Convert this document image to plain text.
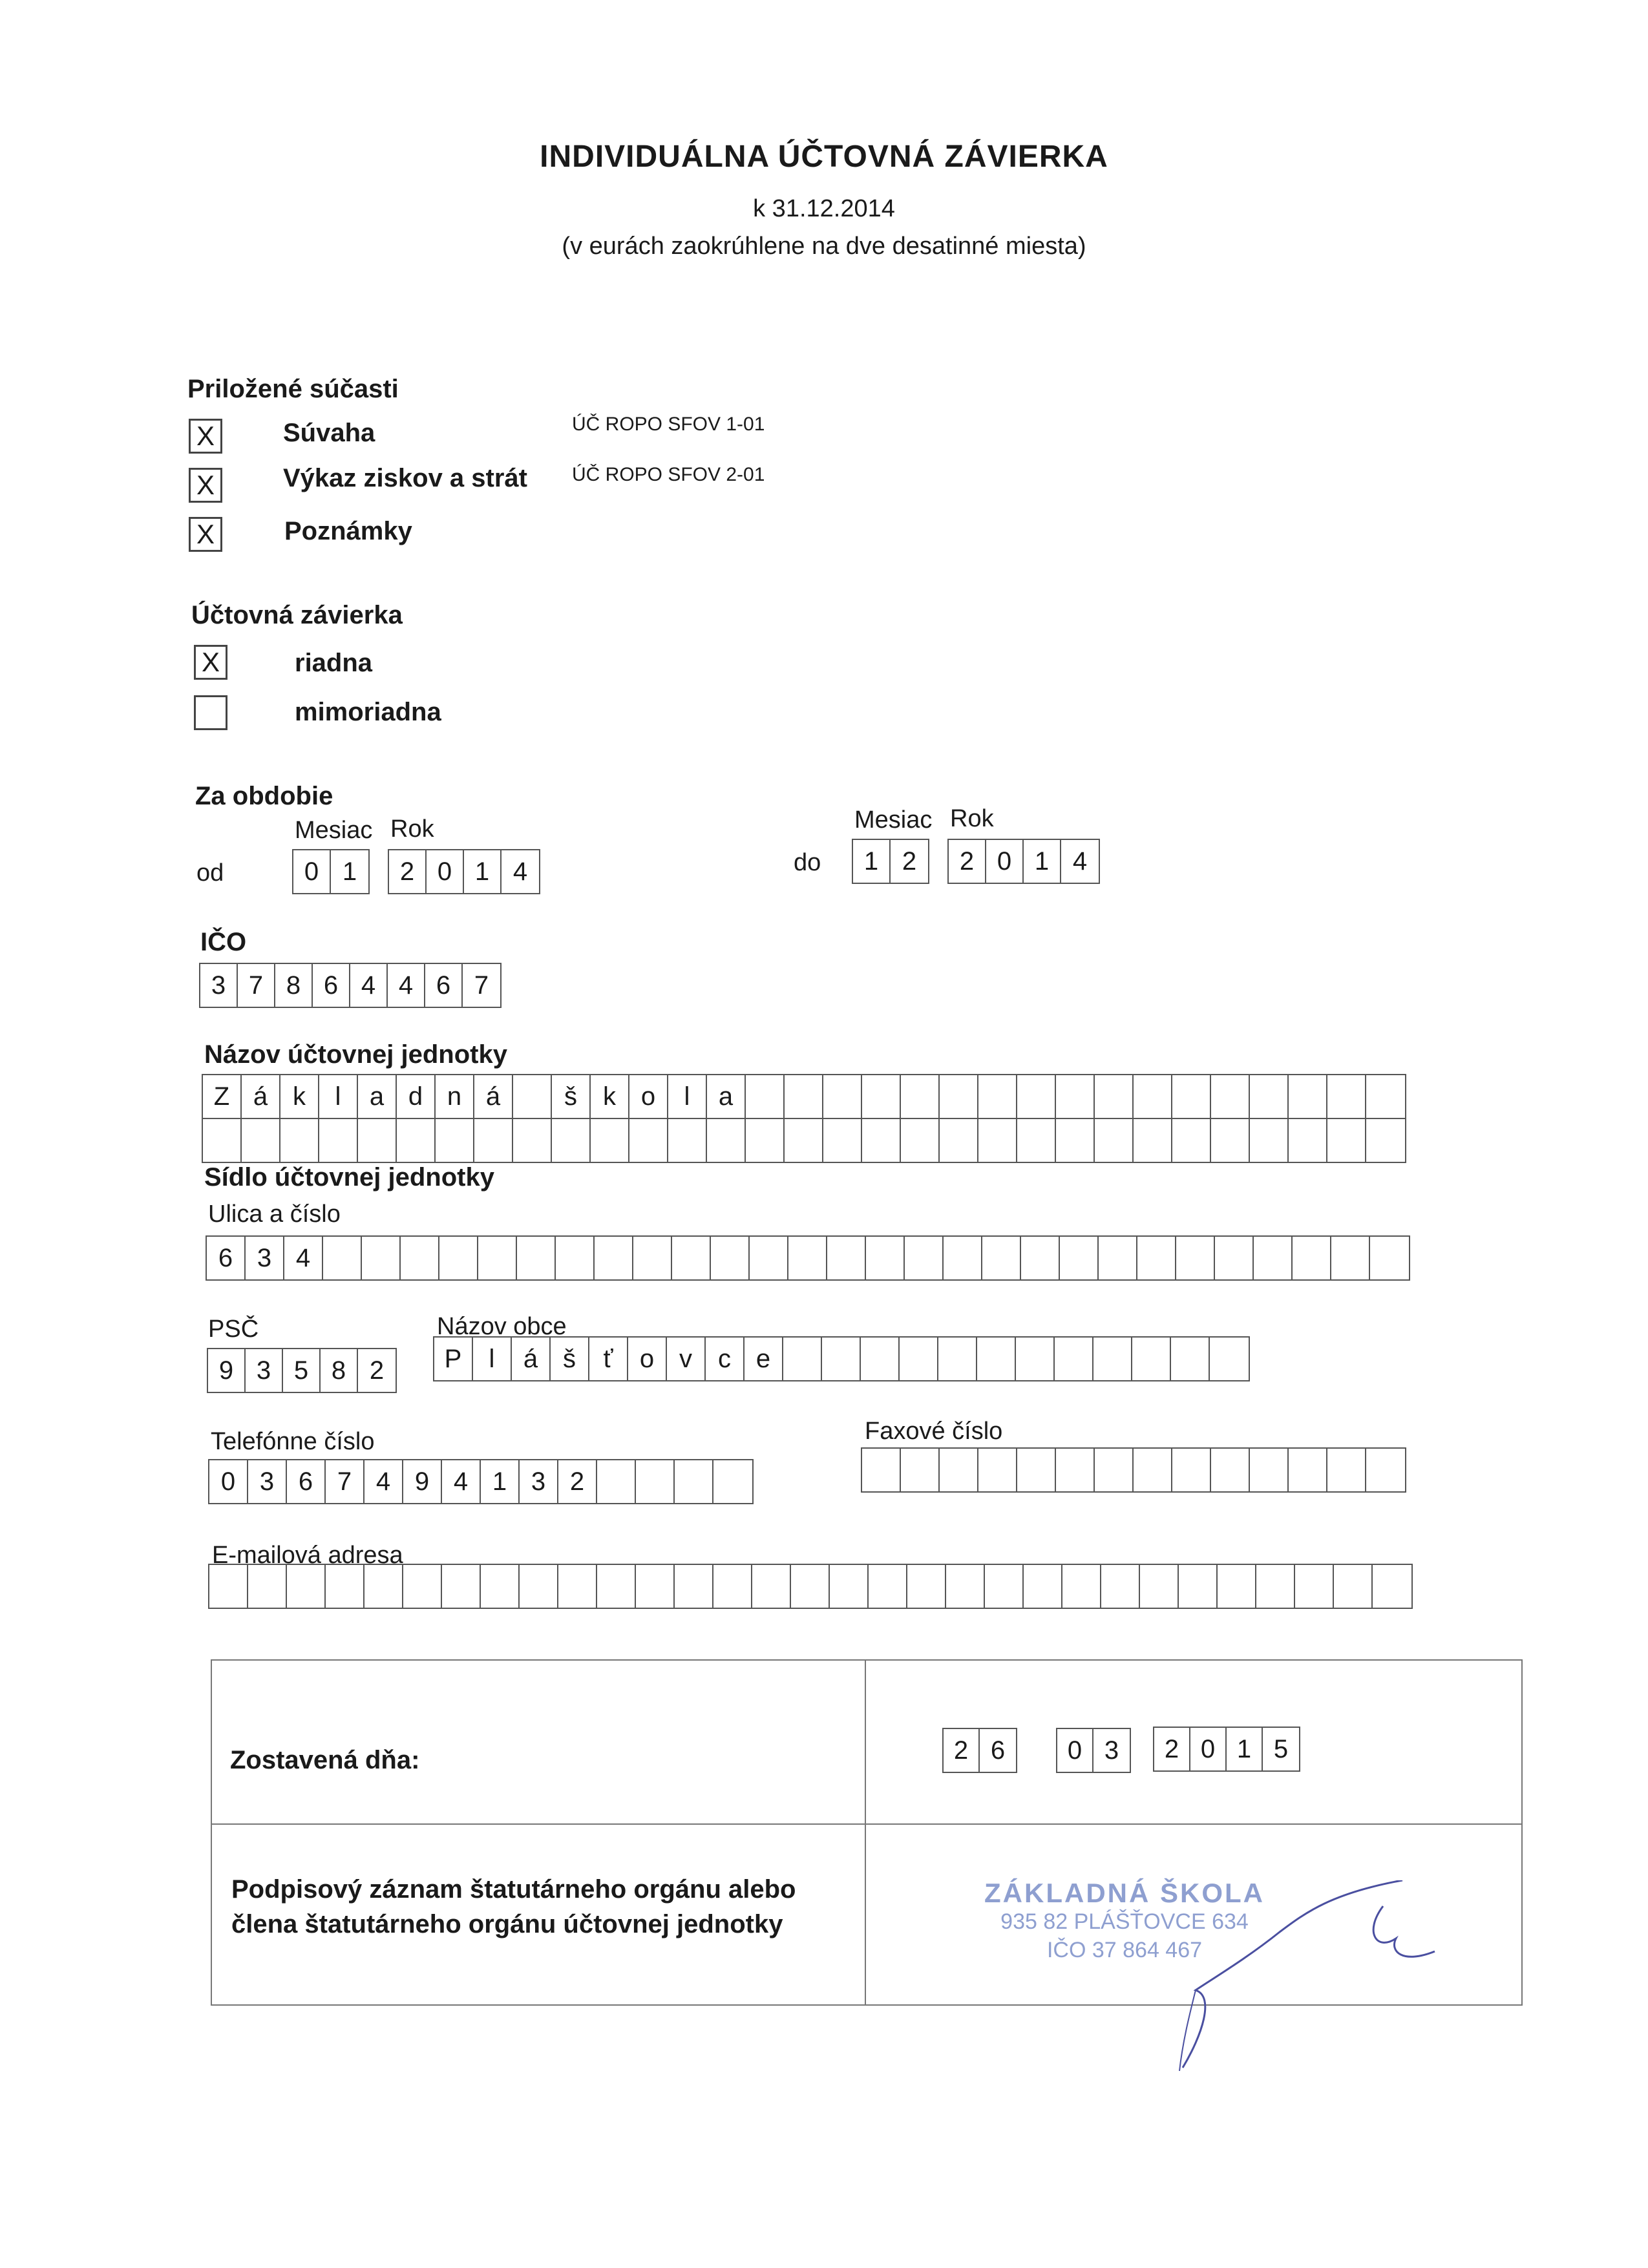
INDIVIDUÁLNA ÚČTOVNÁ ZÁVIERKA
k 31.12.2014
(v eurách zaokrúhlene na dve desatinné miesta)
Priložené súčasti
X	Súvaha	ÚČ ROPO SFOV 1-01
X	Výkaz ziskov a strát ÚČ ROPO SFOV 2-01
X	Poznámky
Účtovná závierka
X	riadna
mimoriadna
Za obdobie
Mesiac Rok
od	0 1	2 0 1 4
Mesiac Rok
do	1 2	2 0 1 4
IČO
3 7 8 6 4 4 6 7
Názov účtovnej jednotky
Z á k	l	a d n á	š	k o	l	a
Sídlo účtovnej jednotky
Ulica a číslo
6 3 4
PSČ
9 3 5 8 2
Názov obce
P	l	á š	ť	o v	c e
Telefónne číslo
0 3 6 7 4 9 4 1 3 2
Faxové číslo
E-mailová adresa
Zostavená dňa:	2 6	0 3	2 0 1 5
Podpisový záznam štatutárneho orgánu alebo
člena štatutárneho orgánu účtovnej jednotky
ZÁKLADNÁ ŠKOLA
935 82 PLÁŠŤOVCE 634
IČO 37 864 467
